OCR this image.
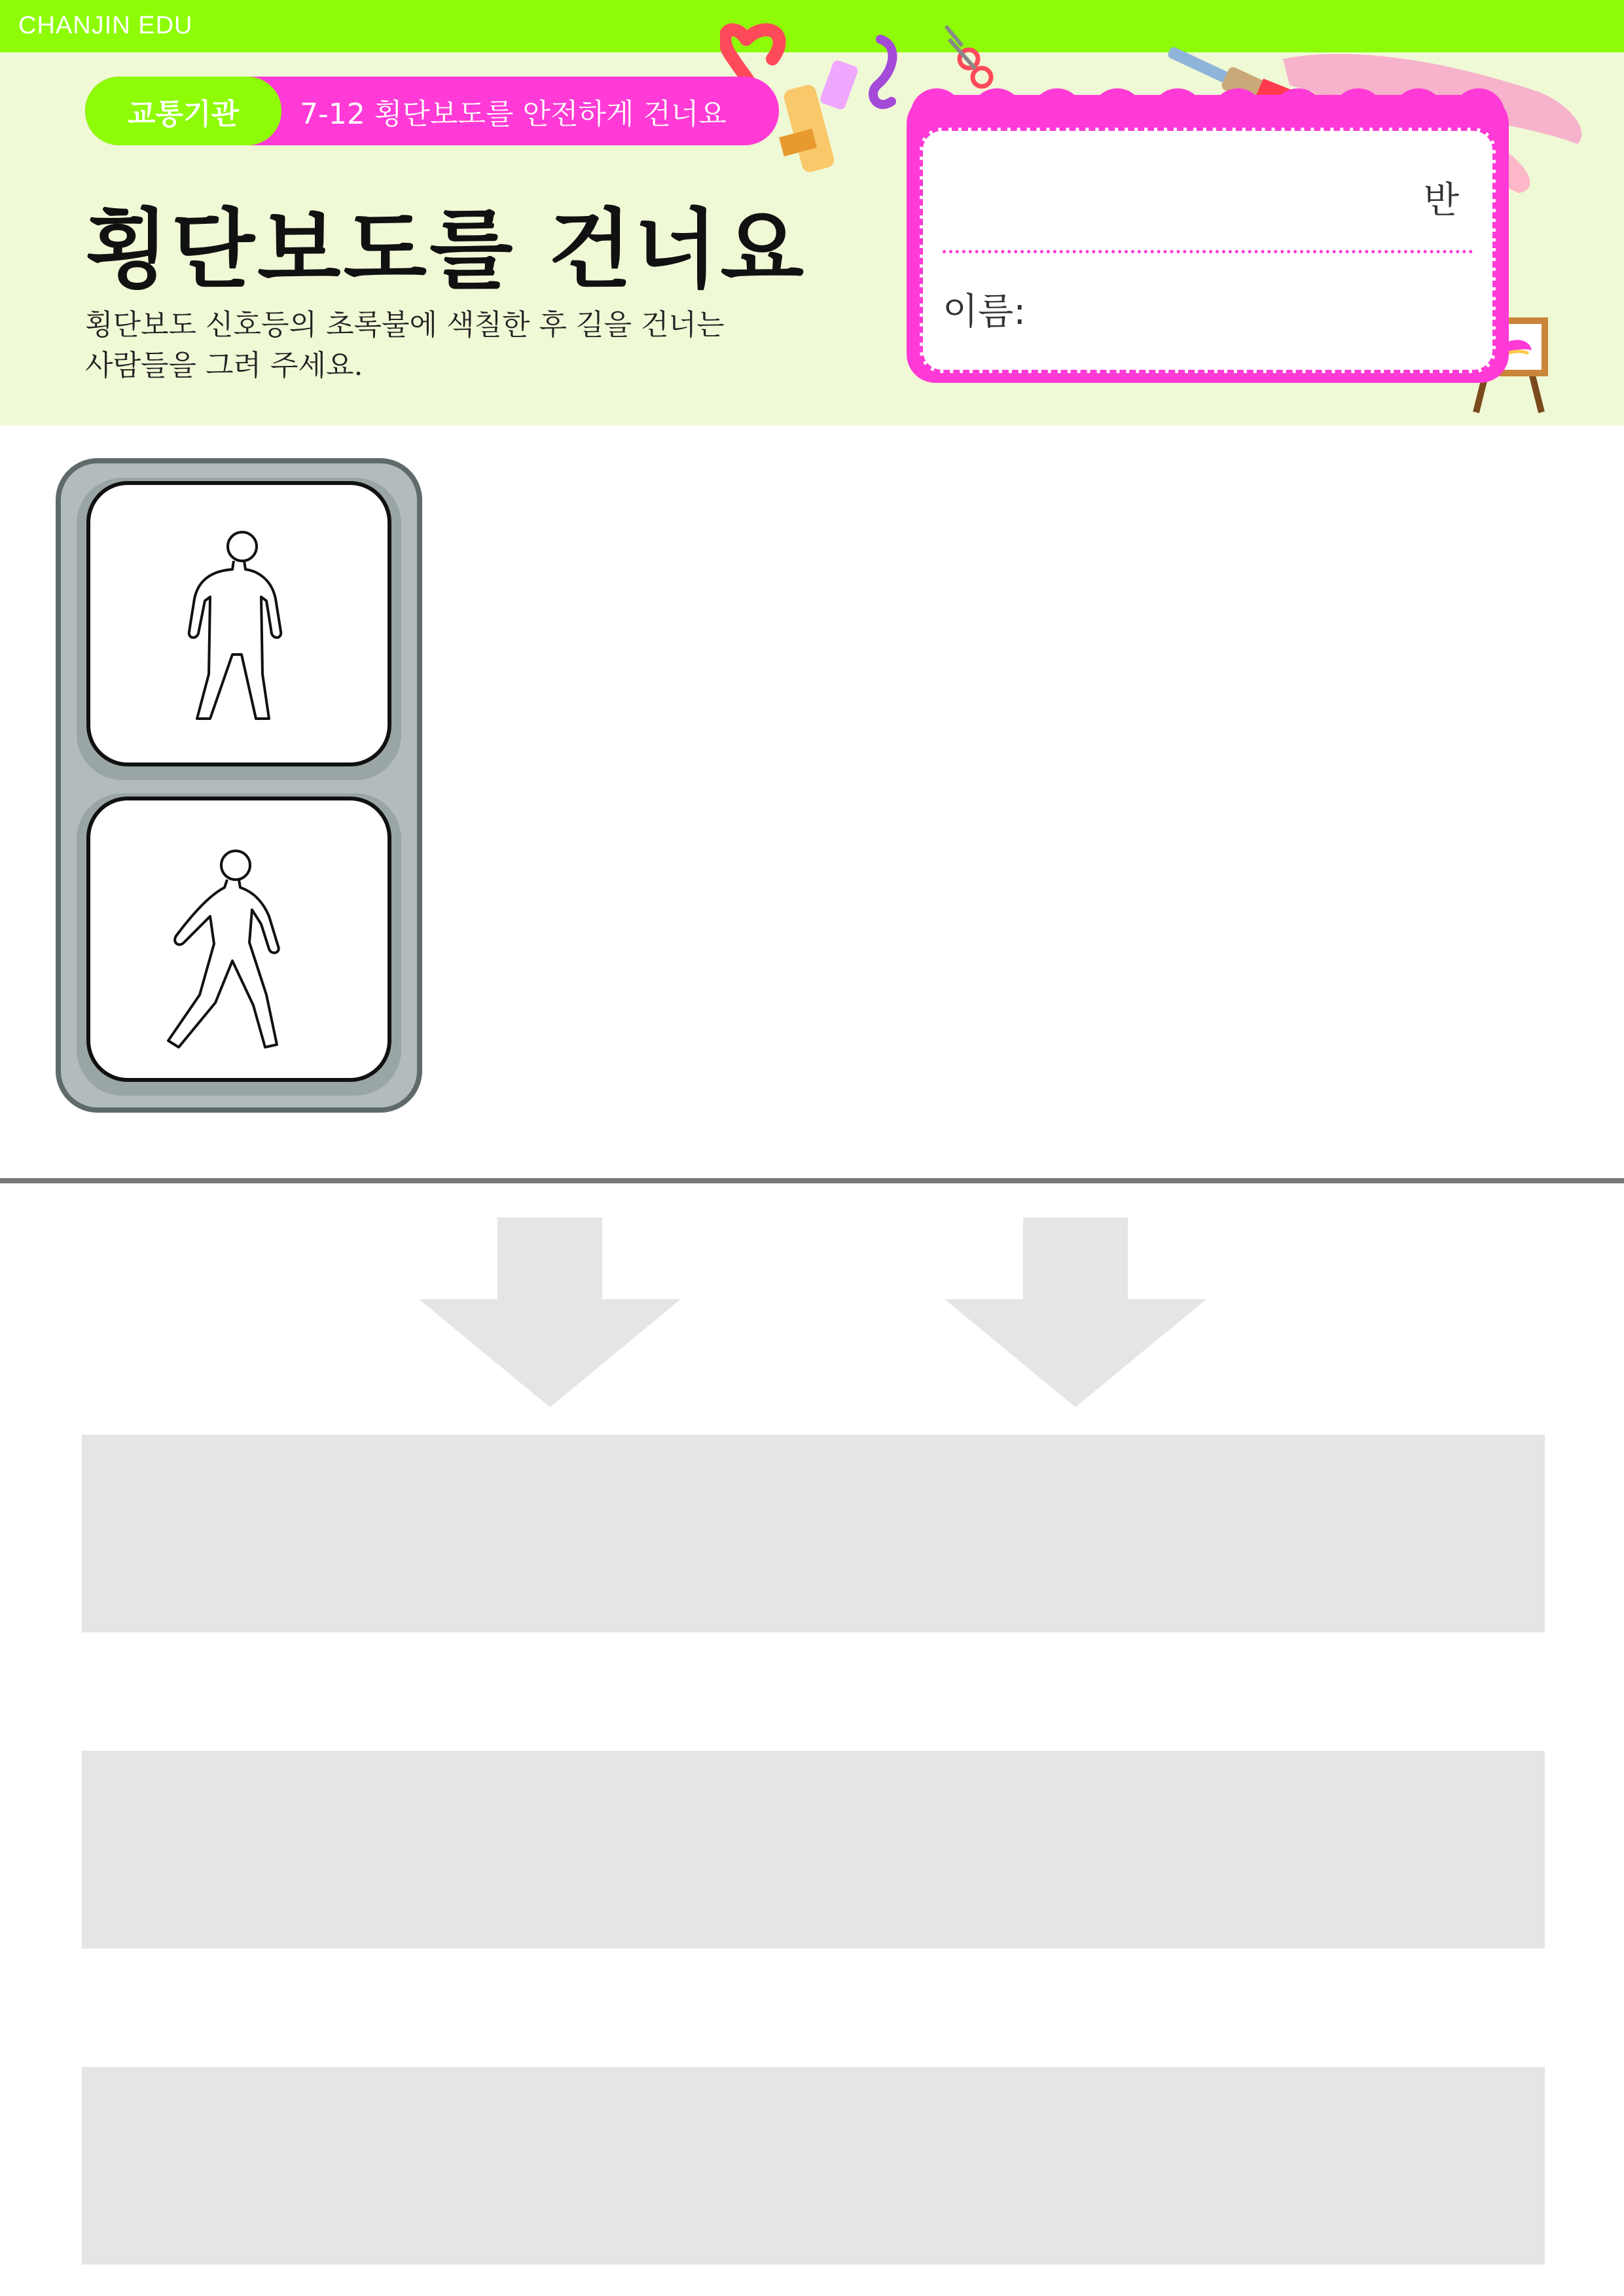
CHANJIN EDU
교통기관	7-12 횡단보도를 안전하게 건너요
횡단보도를 건너요
횡단보도 신호등의 초록불에 색칠한 후 길을 건너는
사람들을 그려 주세요.
반
이름:
